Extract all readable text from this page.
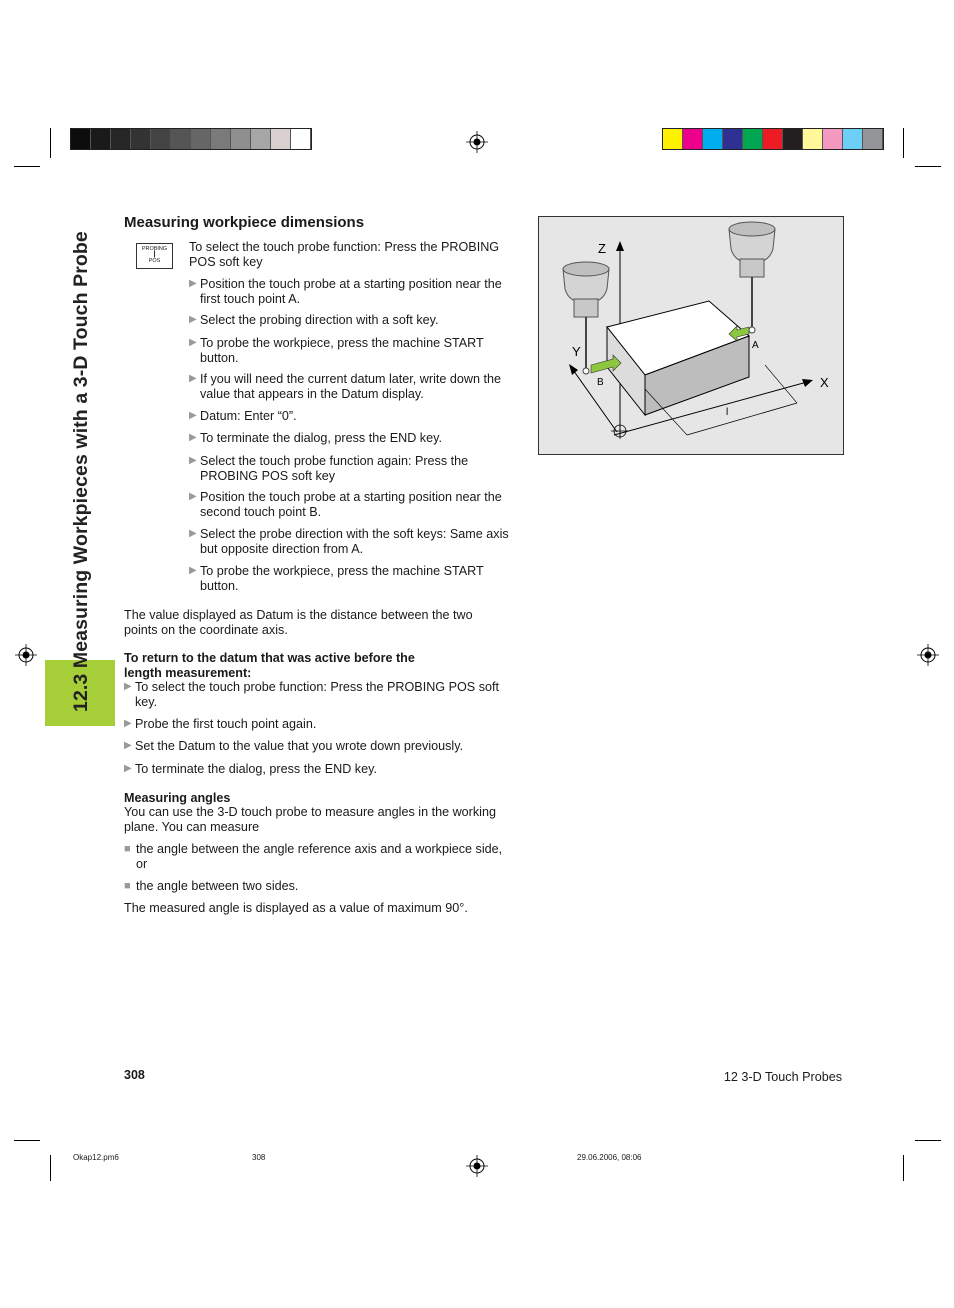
12.3 Measuring Workpieces with a 3-D Touch Probe
Measuring workpiece dimensions
PROBING
┃
POS
To select the touch probe function: Press the PROBING POS soft key
▶ Position the touch probe at a starting position near the first touch point A.
▶ Select the probing direction with a soft key.
▶ To probe the workpiece, press the machine START button.
▶ If you will need the current datum later, write down the value that appears in the Datum display.
▶ Datum: Enter “0”.
▶ To terminate the dialog, press the END key.
▶ Select the touch probe function again: Press the PROBING POS soft key
▶ Position the touch probe at a starting position near the second touch point B.
▶ Select the probe direction with the soft keys: Same axis but opposite direction from A.
▶ To probe the workpiece, press the machine START button.

The value displayed as Datum is the distance between the two points on the coordinate axis.

To return to the datum that was active before the length measurement:

▶ To select the touch probe function: Press the PROBING POS soft key.
▶ Probe the first touch point again.
▶ Set the Datum to the value that you wrote down previously.
▶ To terminate the dialog, press the END key.

Measuring angles

You can use the 3-D touch probe to measure angles in the working plane. You can measure

■ the angle between the angle reference axis and a workpiece side, or
■ the angle between two sides.

The measured angle is displayed as a value of maximum 90°.

Z
Y
X
A
B
l
308	12 3-D Touch Probes
Okap12.pm6	308	29.06.2006, 08:06
